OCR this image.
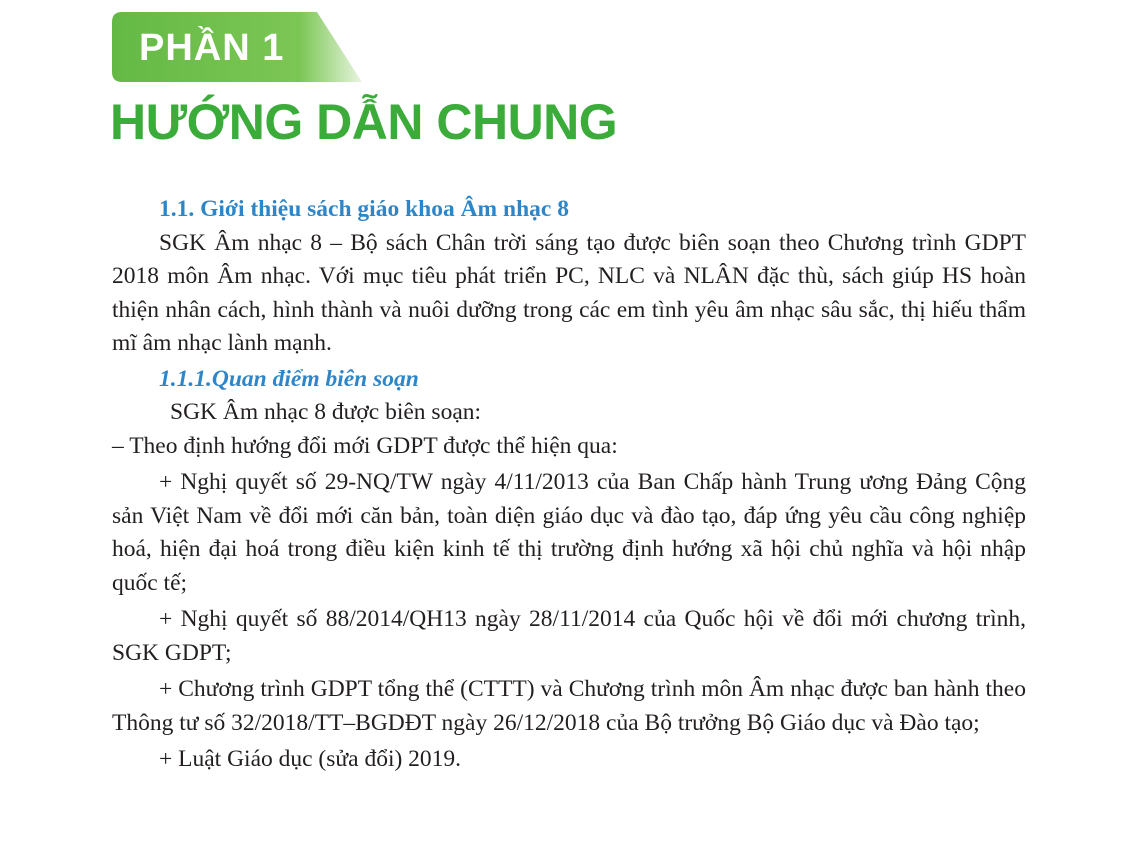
PHẦN 1
HƯỚNG DẪN CHUNG

1.1. Giới thiệu sách giáo khoa Âm nhạc 8

SGK Âm nhạc 8 – Bộ sách Chân trời sáng tạo được biên soạn theo Chương trình GDPT 2018 môn Âm nhạc. Với mục tiêu phát triển PC, NLC và NLÂN đặc thù, sách giúp HS hoàn thiện nhân cách, hình thành và nuôi dưỡng trong các em tình yêu âm nhạc sâu sắc, thị hiếu thẩm mĩ âm nhạc lành mạnh.

1.1.1.Quan điểm biên soạn

SGK Âm nhạc 8 được biên soạn:

– Theo định hướng đổi mới GDPT được thể hiện qua:

+ Nghị quyết số 29-NQ/TW ngày 4/11/2013 của Ban Chấp hành Trung ương Đảng Cộng sản Việt Nam về đổi mới căn bản, toàn diện giáo dục và đào tạo, đáp ứng yêu cầu công nghiệp hoá, hiện đại hoá trong điều kiện kinh tế thị trường định hướng xã hội chủ nghĩa và hội nhập quốc tế;

+ Nghị quyết số 88/2014/QH13 ngày 28/11/2014 của Quốc hội về đổi mới chương trình, SGK GDPT;

+ Chương trình GDPT tổng thể (CTTT) và Chương trình môn Âm nhạc được ban hành theo Thông tư số 32/2018/TT–BGDĐT ngày 26/12/2018 của Bộ trưởng Bộ Giáo dục và Đào tạo;

+ Luật Giáo dục (sửa đổi) 2019.
